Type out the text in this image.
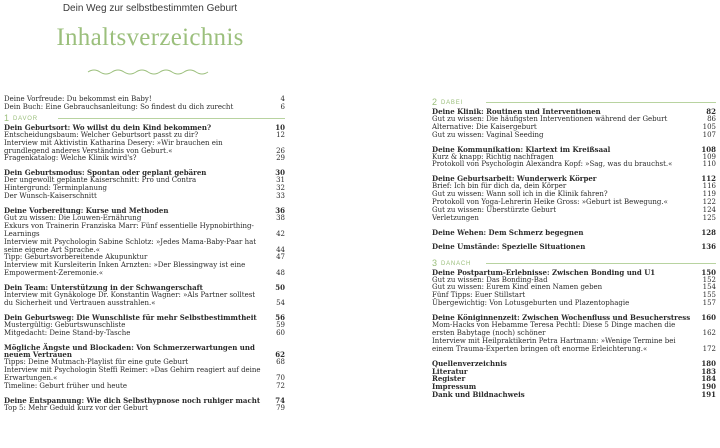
Dein Weg zur selbstbestimmten Geburt
Inhaltsverzeichnis
Deine Vorfreude: Du bekommst ein Baby!	4
Dein Buch: Eine Gebrauchsanleitung: So findest du dich zurecht	6
1 DAVOR
Dein Geburtsort: Wo willst du dein Kind bekommen?	10
Entscheidungsbaum: Welcher Geburtsort passt zu dir?	12
Interview mit Aktivistin Katharina Desery: »Wir brauchen ein grundlegend anderes Verständnis von Geburt.«	26
Fragenkatalog: Welche Klinik wird's?	29
Dein Geburtsmodus: Spontan oder geplant gebären	30
Der ungewollt geplante Kaiserschnitt: Pro und Contra	31
Hintergrund: Terminplanung	32
Der Wunsch-Kaiserschnitt	33
Deine Vorbereitung: Kurse und Methoden	36
Gut zu wissen: Die Louwen-Ernährung	38
Exkurs von Trainerin Franziska Marr: Fünf essentielle Hypnobirthing-Learnings	42
Interview mit Psychologin Sabine Schlotz: »Jedes Mama-Baby-Paar hat seine eigene Art Sprache.«	44
Tipp: Geburtsvorbereitende Akupunktur	47
Interview mit Kursleiterin Inken Arnzten: »Der Blessingway ist eine Empowerment-Zeremonie.«	48
Dein Team: Unterstützung in der Schwangerschaft	50
Interview mit Gynäkologe Dr. Konstantin Wagner: »Als Partner solltest du Sicherheit und Vertrauen ausstrahlen.«	54
Dein Geburtsweg: Die Wunschliste für mehr Selbstbestimmtheit	56
Mustergültig: Geburtswunschliste	59
Mitgedacht: Deine Stand-by-Tasche	60
Mögliche Ängste und Blockaden: Von Schmerzerwartungen und neuem Vertrauen	62
Tipps: Deine Mutmach-Playlist für eine gute Geburt	68
Interview mit Psychologin Steffi Reimer: »Das Gehirn reagiert auf deine Erwartungen.«	70
Timeline: Geburt früher und heute	72
Deine Entspannung: Wie dich Selbsthypnose noch ruhiger macht 74
Top 5: Mehr Geduld kurz vor der Geburt	79
2 DABEI
Deine Klinik: Routinen und Interventionen	82
Gut zu wissen: Die häufigsten Interventionen während der Geburt	86
Alternative: Die Kaisergeburt	105
Gut zu wissen: Vaginal Seeding	107
Deine Kommunikation: Klartext im Kreißsaal	108
Kurz & knapp: Richtig nachfragen	109
Protokoll von Psychologin Alexandra Kopf: »Sag, was du brauchst.«	110
Deine Geburtsarbeit: Wunderwerk Körper	112
Brief: Ich bin für dich da, dein Körper	116
Gut zu wissen: Wann soll ich in die Klinik fahren?	119
Protokoll von Yoga-Lehrerin Heike Gross: »Geburt ist Bewegung.«	122
Gut zu wissen: Überstürzte Geburt	124
Verletzungen	125
Deine Wehen: Dem Schmerz begegnen	128
Deine Umstände: Spezielle Situationen	136
3 DANACH
Deine Postpartum-Erlebnisse: Zwischen Bonding und U1	150
Gut zu wissen: Das Bonding-Bad	152
Gut zu wissen: Eurem Kind einen Namen geben	154
Fünf Tipps: Euer Stillstart	155
Übergewichtig: Von Lotusgeburten und Plazentophagie	157
Deine Königinnenzeit: Zwischen Wochenfluss und Besucherstress 160
Mom-Hacks von Hebamme Teresa Pechtl: Diese 5 Dinge machen die ersten Babytage (noch) schöner	162
Interview mit Heilpraktikerin Petra Hartmann: »Wenige Termine bei einem Trauma-Experten bringen oft enorme Erleichterung.«	172
Quellenverzeichnis	180
Literatur	183
Register	184
Impressum	190
Dank und Bildnachweis	191
